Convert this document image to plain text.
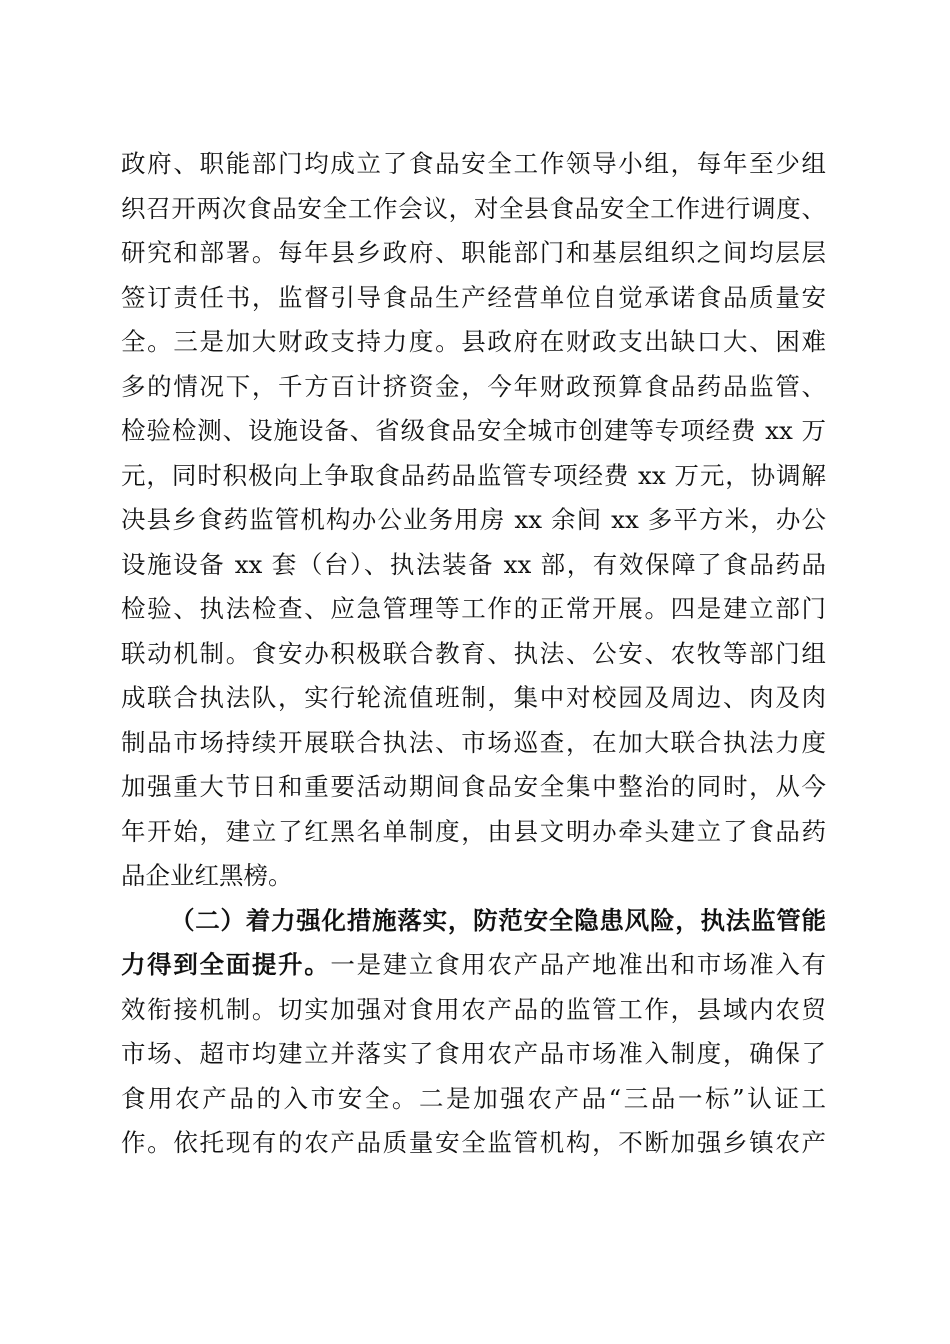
政府、职能部门均成立了食品安全工作领导小组，每年至少组
织召开两次食品安全工作会议，对全县食品安全工作进行调度、
研究和部署。每年县乡政府、职能部门和基层组织之间均层层
签订责任书，监督引导食品生产经营单位自觉承诺食品质量安
全。三是加大财政支持力度。县政府在财政支出缺口大、困难
多的情况下，千方百计挤资金，今年财政预算食品药品监管、
检验检测、设施设备、省级食品安全城市创建等专项经费 xx 万
元，同时积极向上争取食品药品监管专项经费 xx 万元，协调解
决县乡食药监管机构办公业务用房 xx 余间 xx 多平方米，办公
设施设备 xx 套（台）、执法装备 xx 部，有效保障了食品药品
检验、执法检查、应急管理等工作的正常开展。四是建立部门
联动机制。食安办积极联合教育、执法、公安、农牧等部门组
成联合执法队，实行轮流值班制，集中对校园及周边、肉及肉
制品市场持续开展联合执法、市场巡查，在加大联合执法力度
加强重大节日和重要活动期间食品安全集中整治的同时，从今
年开始，建立了红黑名单制度，由县文明办牵头建立了食品药
品企业红黑榜。
（二）着力强化措施落实，防范安全隐患风险，执法监管能
力得到全面提升。一是建立食用农产品产地准出和市场准入有
效衔接机制。切实加强对食用农产品的监管工作，县域内农贸
市场、超市均建立并落实了食用农产品市场准入制度，确保了
食用农产品的入市安全。二是加强农产品“三品一标”认证工
作。依托现有的农产品质量安全监管机构，不断加强乡镇农产
